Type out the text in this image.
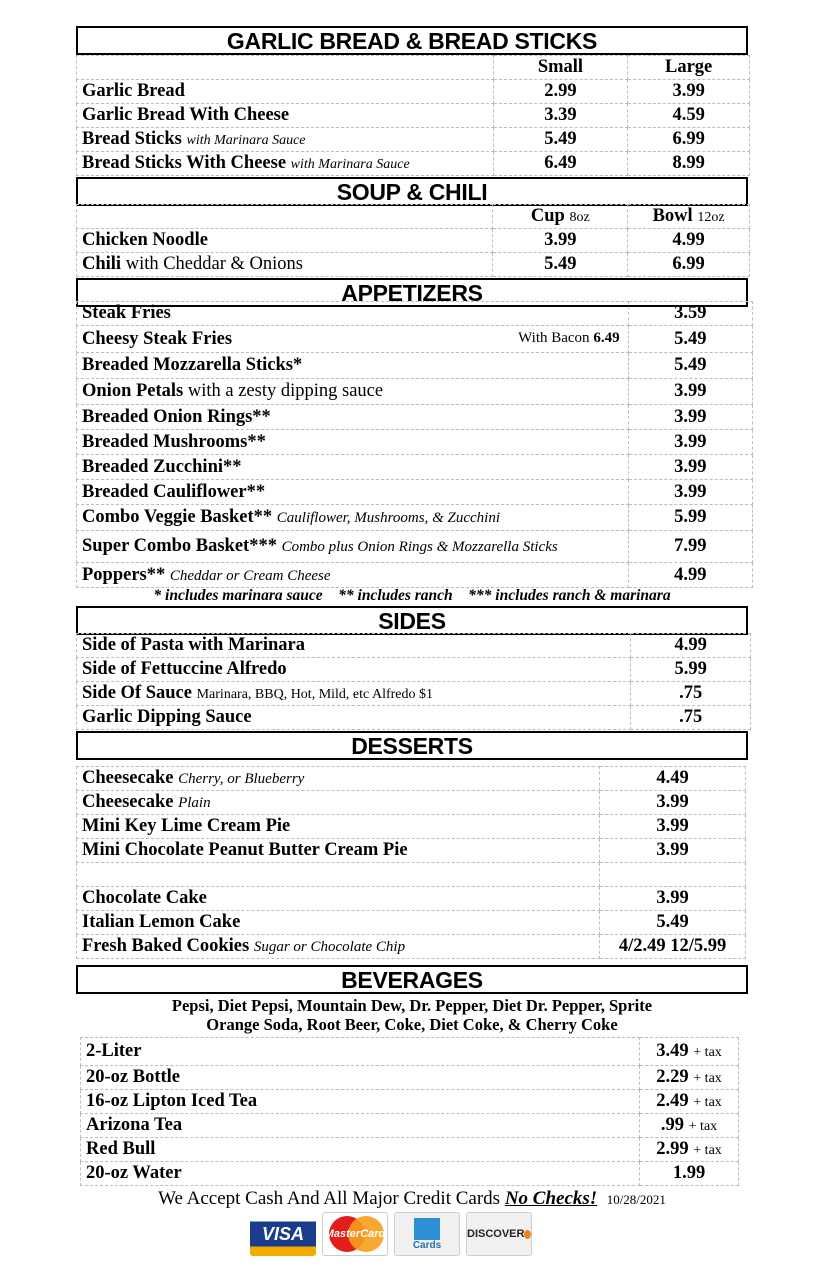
GARLIC BREAD & BREAD STICKS
	Small	Large
Garlic Bread	2.99	3.99
Garlic Bread With Cheese	3.39	4.59
Bread Sticks with Marinara Sauce	5.49	6.99
Bread Sticks With Cheese with Marinara Sauce	6.49	8.99
SOUP & CHILI
	Cup 8oz	Bowl 12oz
Chicken Noodle	3.99	4.99
Chili with Cheddar & Onions	5.49	6.99
APPETIZERS
Steak Fries	3.59
Cheesy Steak Fries With Bacon 6.49	5.49
Breaded Mozzarella Sticks*	5.49
Onion Petals with a zesty dipping sauce	3.99
Breaded Onion Rings**	3.99
Breaded Mushrooms**	3.99
Breaded Zucchini**	3.99
Breaded Cauliflower**	3.99
Combo Veggie Basket** Cauliflower, Mushrooms, & Zucchini	5.99
Super Combo Basket*** Combo plus Onion Rings & Mozzarella Sticks	7.99
Poppers** Cheddar or Cream Cheese	4.99
* includes marinara sauce    ** includes ranch    *** includes ranch & marinara
SIDES
Side of Pasta with Marinara	4.99
Side of Fettuccine Alfredo	5.99
Side Of Sauce Marinara, BBQ, Hot, Mild, etc Alfredo $1	.75
Garlic Dipping Sauce	.75
DESSERTS
Cheesecake Cherry, or Blueberry	4.49
Cheesecake Plain	3.99
Mini Key Lime Cream Pie	3.99
Mini Chocolate Peanut Butter Cream Pie	3.99

Chocolate Cake	3.99
Italian Lemon Cake	5.49
Fresh Baked Cookies Sugar or Chocolate Chip	4/2.49 12/5.99
BEVERAGES
Pepsi, Diet Pepsi, Mountain Dew, Dr. Pepper, Diet Dr. Pepper, Sprite
Orange Soda, Root Beer, Coke, Diet Coke, & Cherry Coke
2-Liter	3.49 + tax
20-oz Bottle	2.29 + tax
16-oz Lipton Iced Tea	2.49 + tax
Arizona Tea	.99 + tax
Red Bull	2.99 + tax
20-oz Water	1.99
We Accept Cash And All Major Credit Cards No Checks! 10/28/2021
VISA MasterCard
Cards
DISCOVER
